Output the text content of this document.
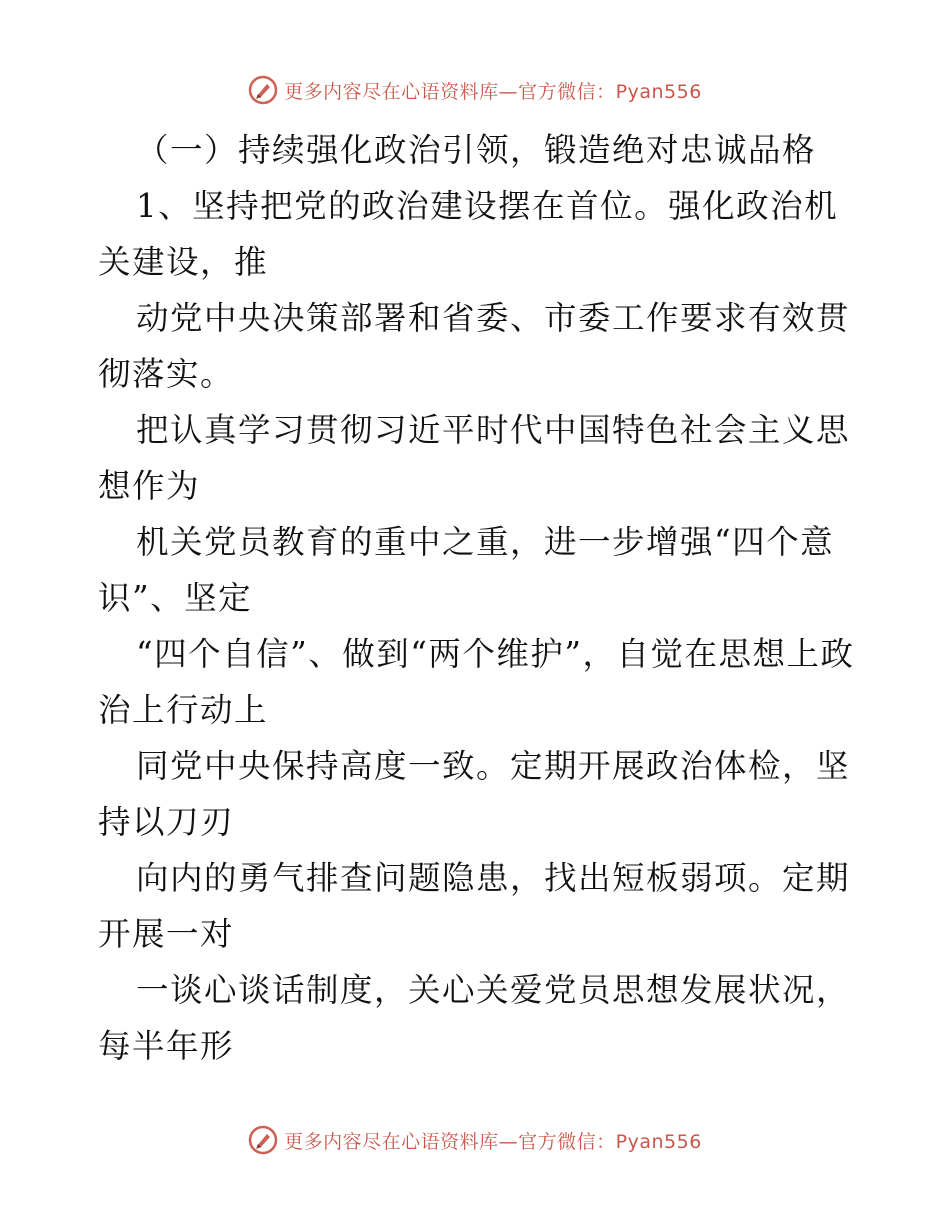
更多内容尽在心语资料库—官方微信：Pyan556

（一）持续强化政治引领，锻造绝对忠诚品格

1、坚持把党的政治建设摆在首位。强化政治机关建设，推

动党中央决策部署和省委、市委工作要求有效贯彻落实。

把认真学习贯彻习近平时代中国特色社会主义思想作为

机关党员教育的重中之重，进一步增强“四个意识”、坚定

“四个自信”、做到“两个维护”，自觉在思想上政治上行动上

同党中央保持高度一致。定期开展政治体检，坚持以刀刃

向内的勇气排查问题隐患，找出短板弱项。定期开展一对

一谈心谈话制度，关心关爱党员思想发展状况，每半年形

更多内容尽在心语资料库—官方微信：Pyan556
